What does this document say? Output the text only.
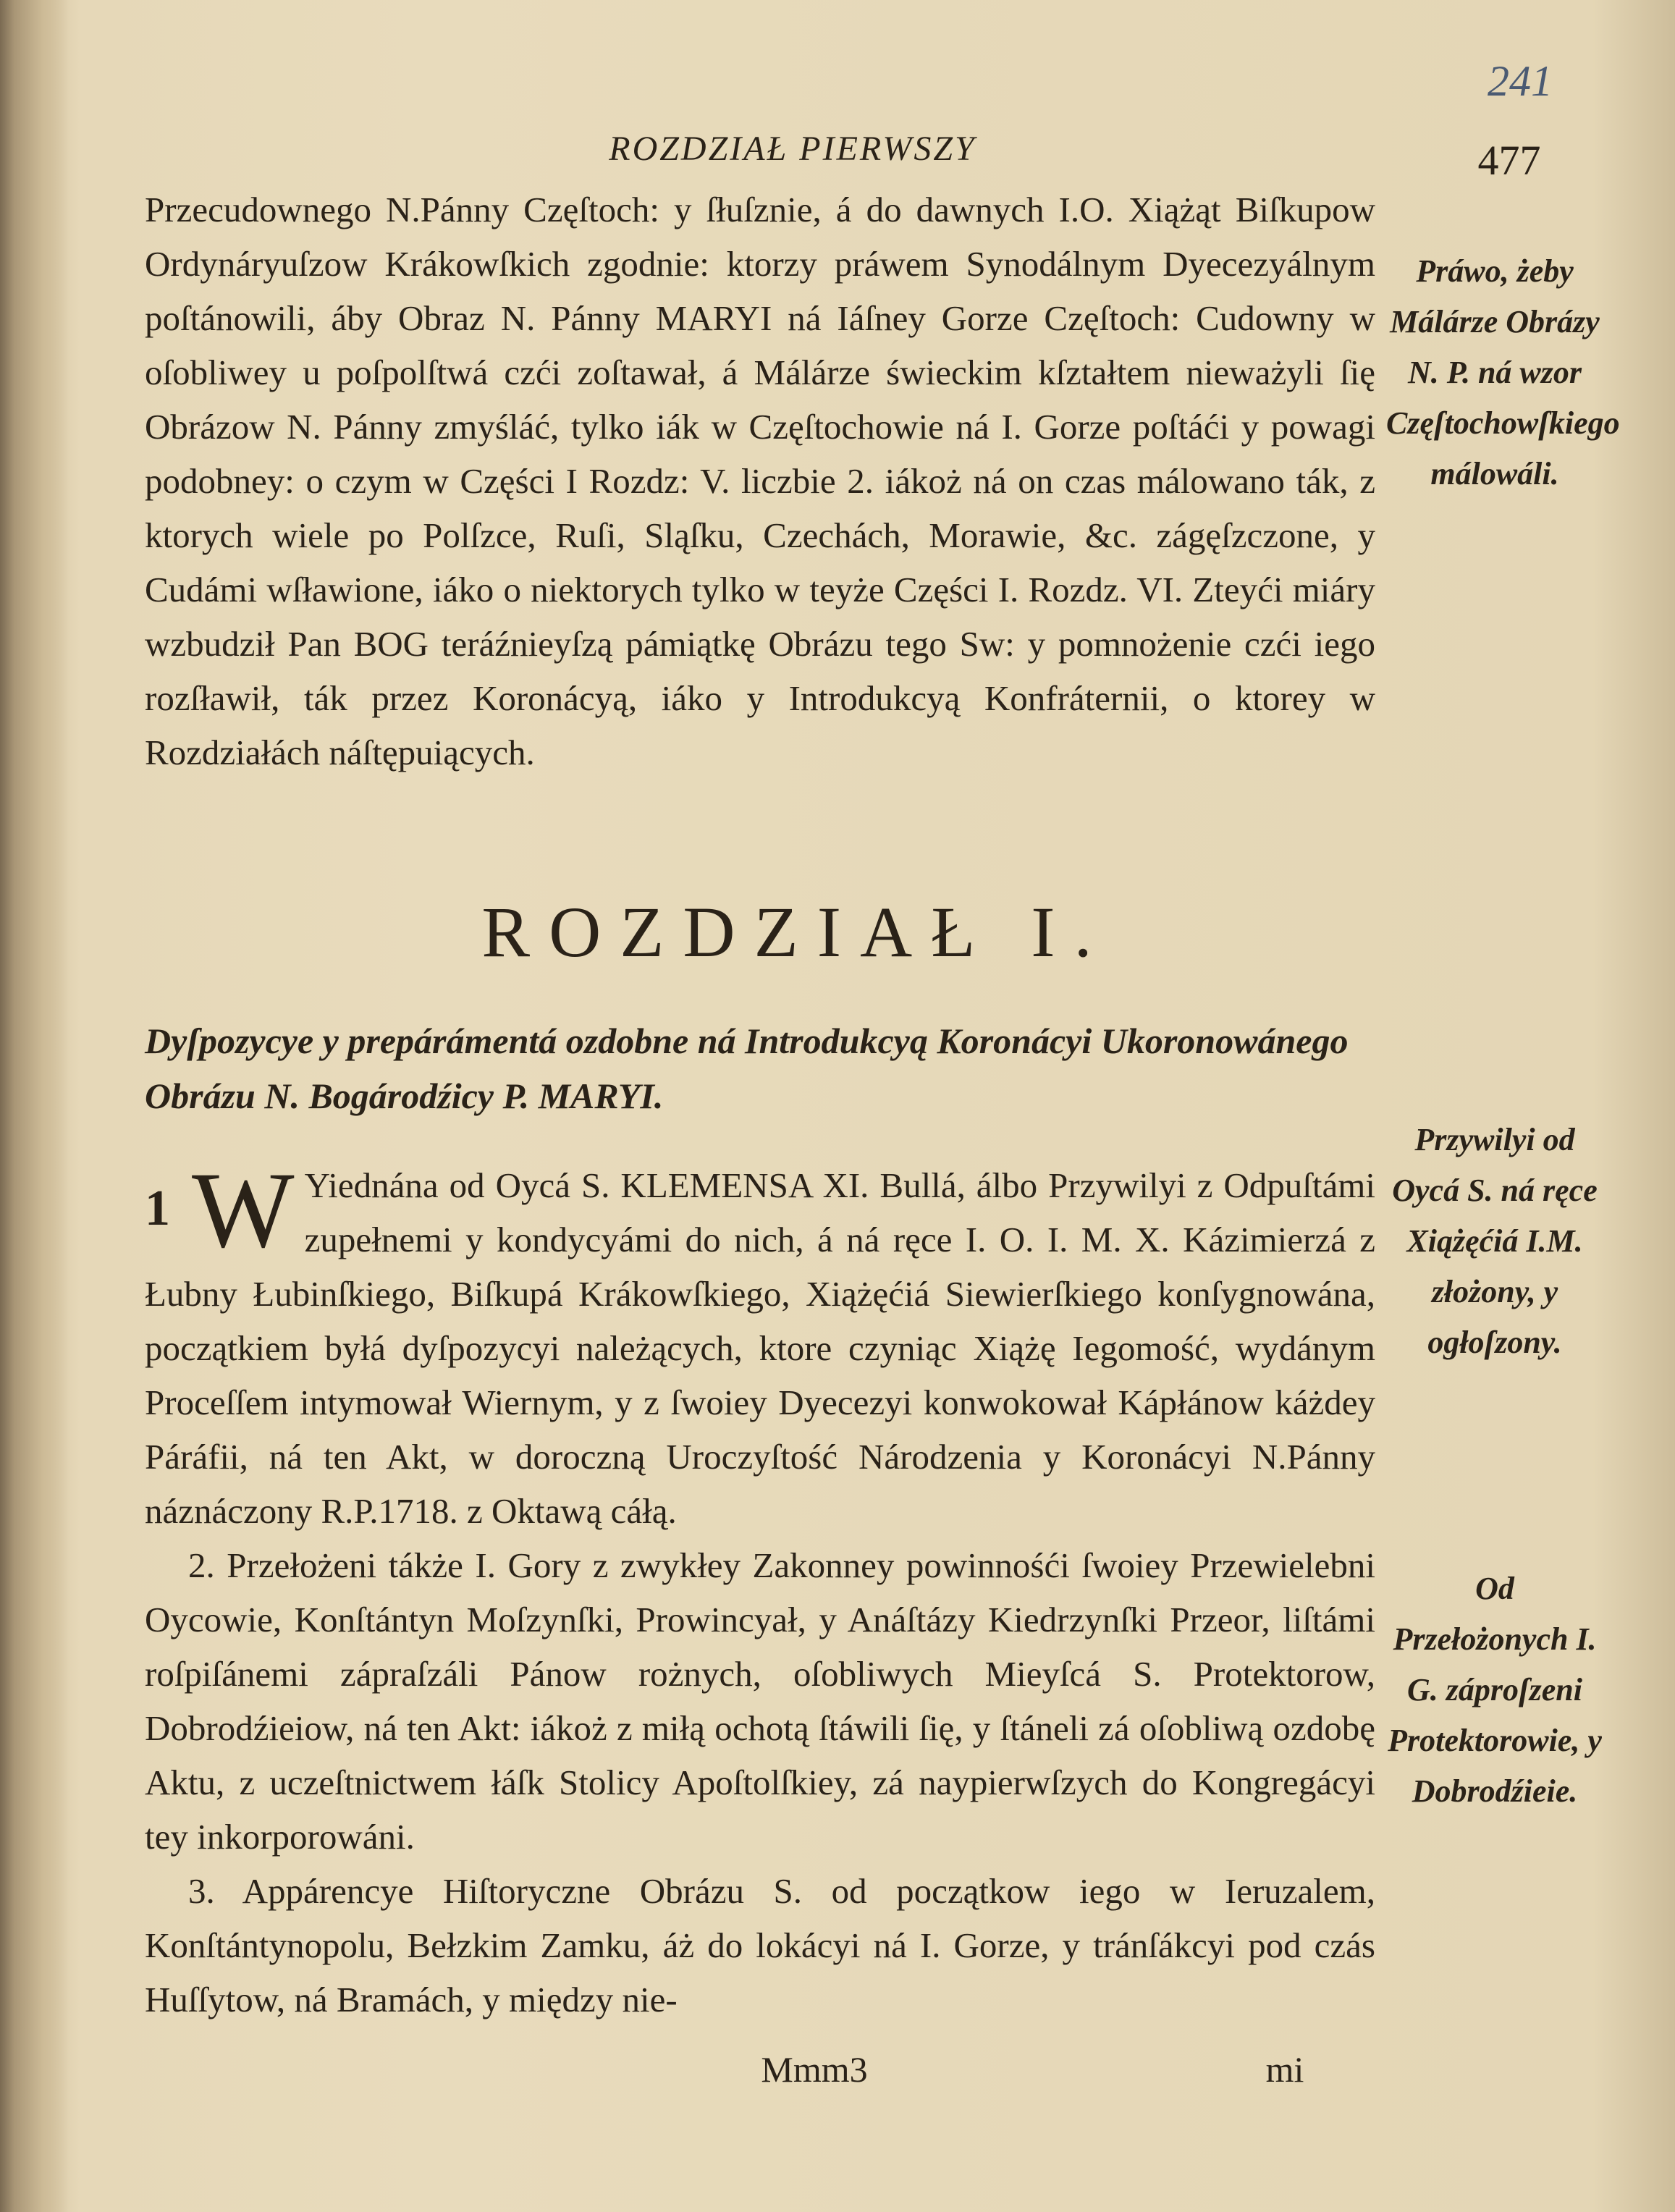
241
ROZDZIAŁ PIERWSZY	477

Przecudownego N.Pánny Częſtoch: y ſłuſznie, á do dawnych I.O. Xiążąt Biſkupow Ordynáryuſzow Krákowſkich zgodnie: ktorzy práwem Synodálnym Dyecezyálnym poſtánowili, áby Obraz N. Pánny MARYI ná Iáſney Gorze Częſtoch: Cudowny w oſobliwey u poſpolſtwá czći zoſtawał, á Málárze świeckim kſztałtem nieważyli ſię Obrázow N. Pánny zmyśláć, tylko iák w Częſtochowie ná I. Gorze poſtáći y powagi podobney: o czym w Części I Rozdz: V. liczbie 2. iákoż ná on czas málowano ták, z ktorych wiele po Polſzce, Ruſi, Sląſku, Czechách, Morawie, &c. zágęſzczone, y Cudámi wſławione, iáko o niektorych tylko w teyże Części I. Rozdz. VI. Zteyći miáry wzbudził Pan BOG teráźnieyſzą pámiątkę Obrázu tego Sw: y pomnożenie czći iego rozſławił, ták przez Koronácyą, iáko y Introdukcyą Konfráternii, o ktorey w Rozdziałách náſtępuiących.

Práwo, żeby Málárze Obrázy N. P. ná wzor Częſtochowſkiego málowáli.
ROZDZIAŁ I.
Dyſpozycye y prepárámentá ozdobne ná Introdukcyą Koronácyi Ukoronowánego Obrázu N. Bogárodźicy P. MARYI.

1 W Yiednána od Oycá S. KLEMENSA XI. Bullá, álbo Przywilyi z Odpuſtámi zupełnemi y kondycyámi do nich, á ná ręce I. O. I. M. X. Kázimierzá z Łubny Łubinſkiego, Biſkupá Krákowſkiego, Xiążęćiá Siewierſkiego konſygnowána, początkiem byłá dyſpozycyi należących, ktore czyniąc Xiążę Iegomość, wydánym Proceſſem intymował Wiernym, y z ſwoiey Dyecezyi konwokował Kápłánow káżdey Páráfii, ná ten Akt, w doroczną Uroczyſtość Národzenia y Koronácyi N.Pánny náznáczony R.P.1718. z Oktawą cáłą.

2. Przełożeni tákże I. Gory z zwykłey Zakonney powinnośći ſwoiey Przewielebni Oycowie, Konſtántyn Moſzynſki, Prowincyał, y Anáſtázy Kiedrzynſki Przeor, liſtámi roſpiſánemi zápraſzáli Pánow rożnych, oſobliwych Mieyſcá S. Protektorow, Dobrodźieiow, ná ten Akt: iákoż z miłą ochotą ſtáwili ſię, y ſtáneli zá oſobliwą ozdobę Aktu, z uczeſtnictwem łáſk Stolicy Apoſtolſkiey, zá naypierwſzych do Kongregácyi tey inkorporowáni.

3. Appárencye Hiſtoryczne Obrázu S. od początkow iego w Ieruzalem, Konſtántynopolu, Bełzkim Zamku, áż do lokácyi ná I. Gorze, y tránſákcyi pod czás Huſſytow, ná Bramách, y między nie-

Przywilyi od Oycá S. ná ręce Xiążęćiá I.M. złożony, y ogłoſzony.
Od Przełożonych I. G. záproſzeni Protektorowie, y Dobrodźieie.
Mmm3	mi
